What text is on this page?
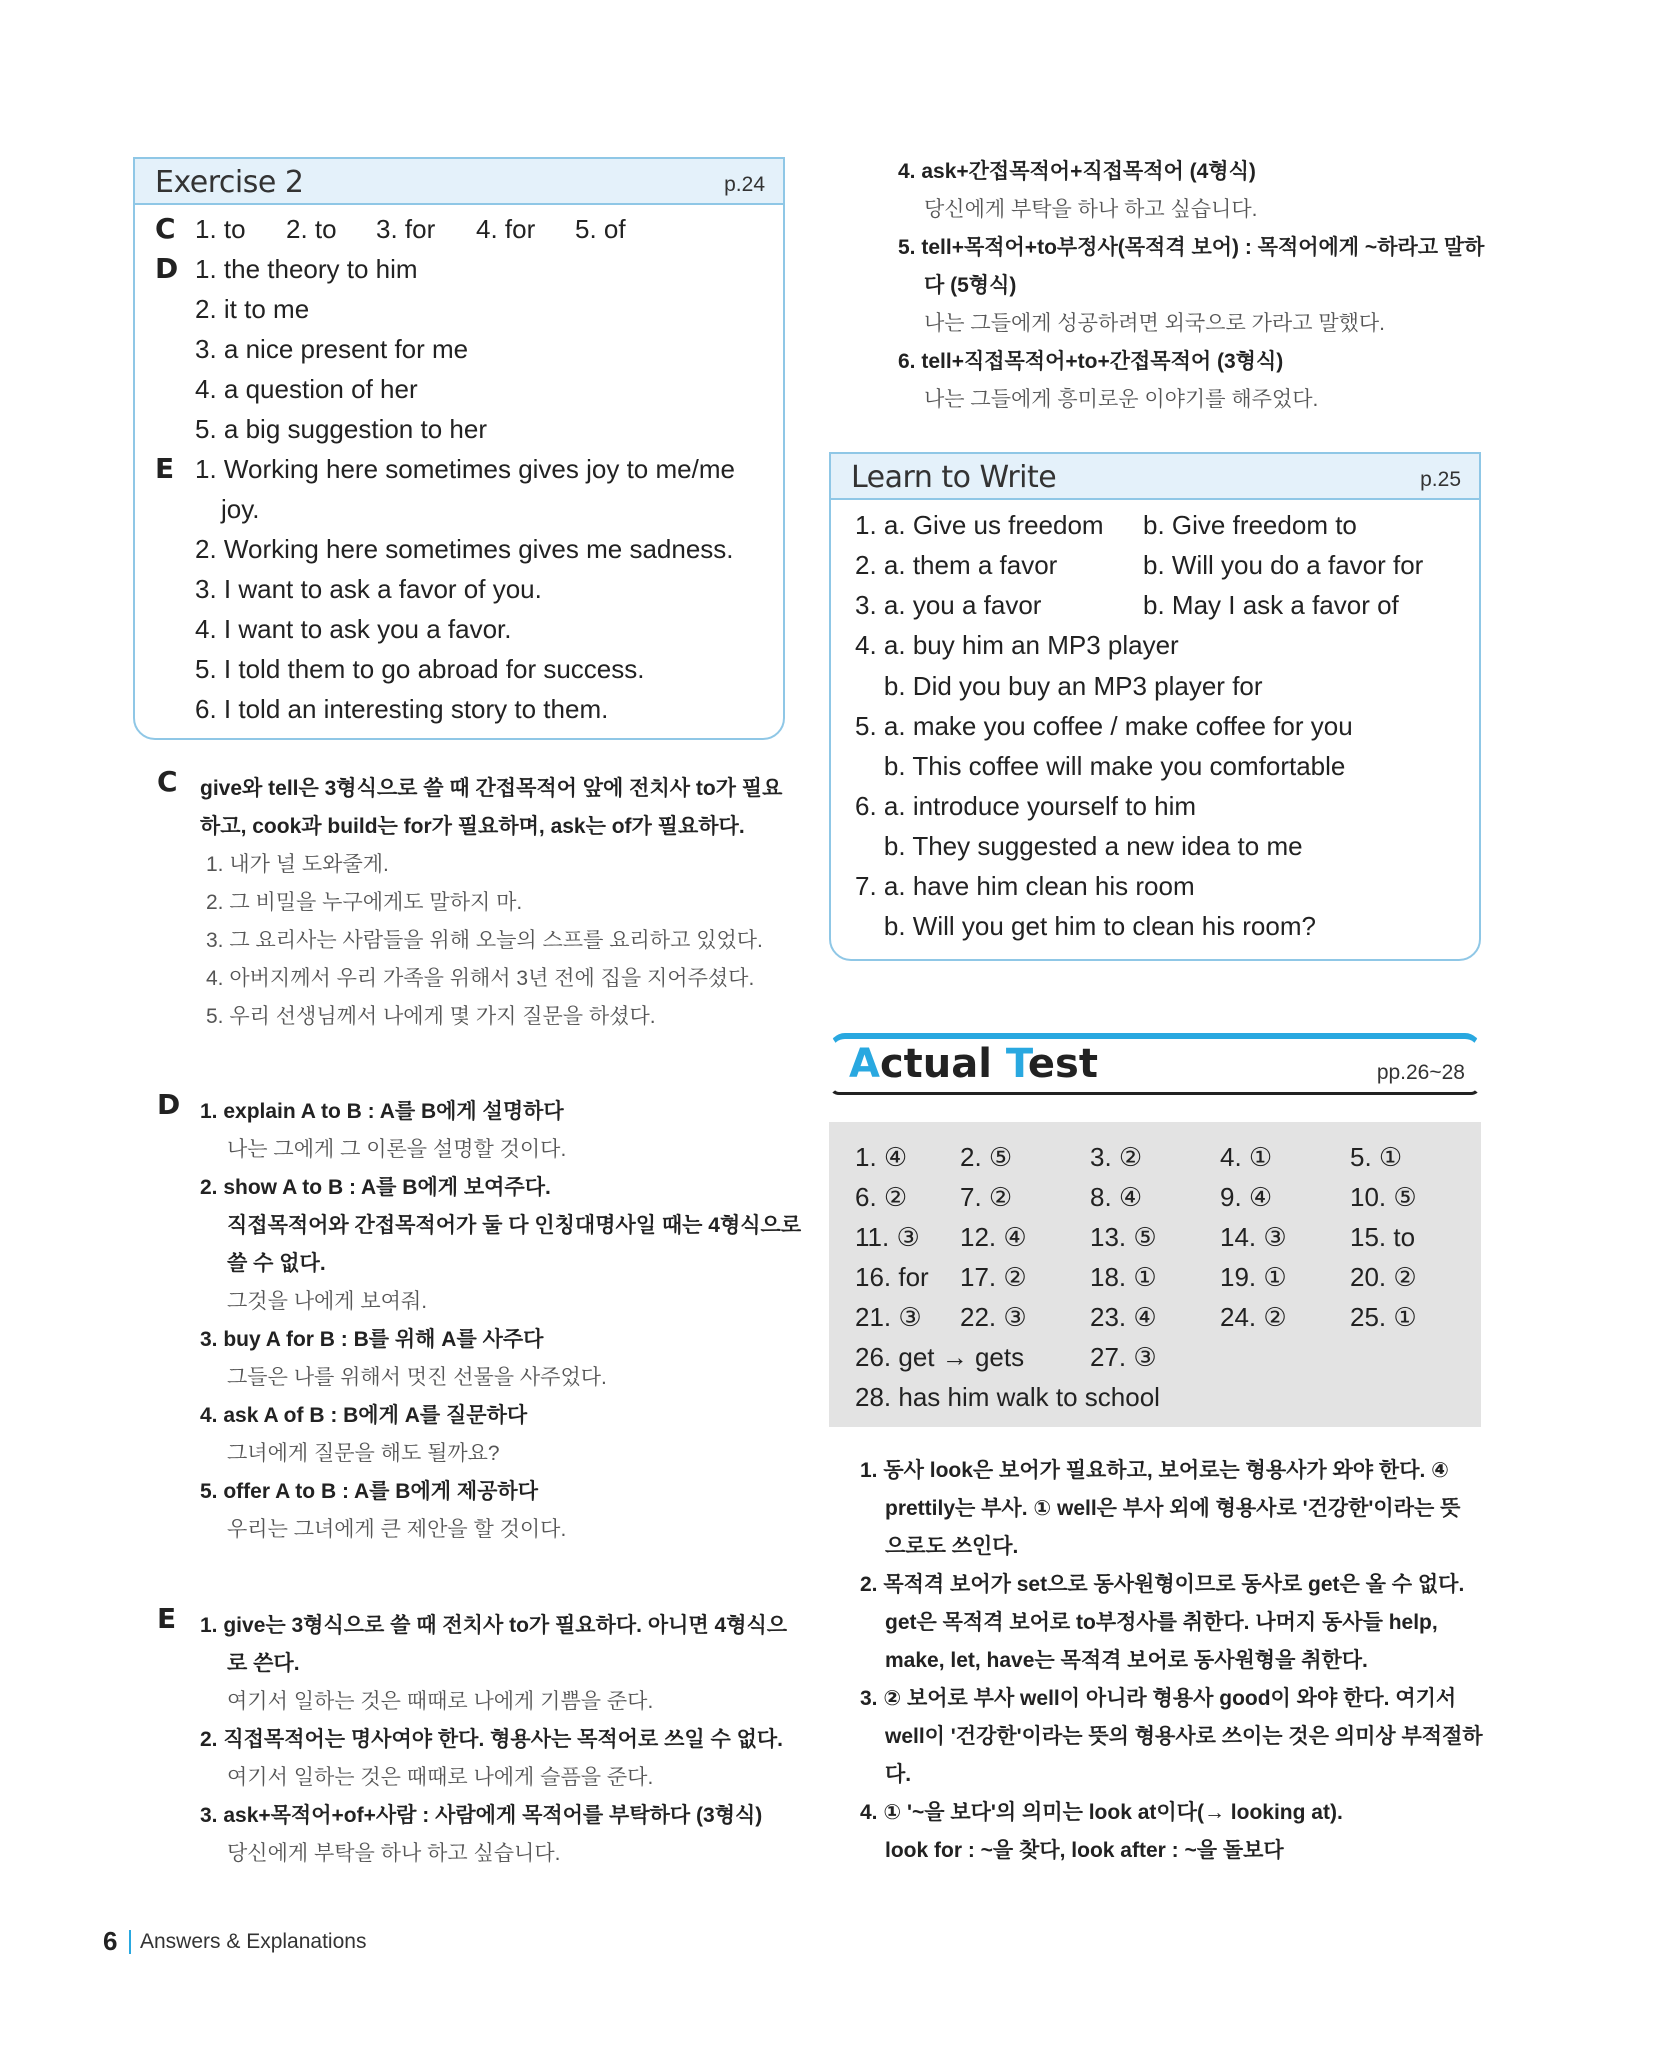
Exercise 2	p.24
C 1. to 2. to 3. for 4. for 5. of
D 1. the theory to him
2. it to me
3. a nice present for me
4. a question of her
5. a big suggestion to her
E 1. Working here sometimes gives joy to me/me
joy.
2. Working here sometimes gives me sadness.
3. I want to ask a favor of you.
4. I want to ask you a favor.
5. I told them to go abroad for success.
6. I told an interesting story to them.
C give와 tell은 3형식으로 쓸 때 간접목적어 앞에 전치사 to가 필요
하고, cook과 build는 for가 필요하며, ask는 of가 필요하다.
1. 내가 널 도와줄게.
2. 그 비밀을 누구에게도 말하지 마.
3. 그 요리사는 사람들을 위해 오늘의 스프를 요리하고 있었다.
4. 아버지께서 우리 가족을 위해서 3년 전에 집을 지어주셨다.
5. 우리 선생님께서 나에게 몇 가지 질문을 하셨다.
D 1. explain A to B : A를 B에게 설명하다
나는 그에게 그 이론을 설명할 것이다.
2. show A to B : A를 B에게 보여주다.
직접목적어와 간접목적어가 둘 다 인칭대명사일 때는 4형식으로
쓸 수 없다.
그것을 나에게 보여줘.
3. buy A for B : B를 위해 A를 사주다
그들은 나를 위해서 멋진 선물을 사주었다.
4. ask A of B : B에게 A를 질문하다
그녀에게 질문을 해도 될까요?
5. offer A to B : A를 B에게 제공하다
우리는 그녀에게 큰 제안을 할 것이다.
E 1. give는 3형식으로 쓸 때 전치사 to가 필요하다. 아니면 4형식으
로 쓴다.
여기서 일하는 것은 때때로 나에게 기쁨을 준다.
2. 직접목적어는 명사여야 한다. 형용사는 목적어로 쓰일 수 없다.
여기서 일하는 것은 때때로 나에게 슬픔을 준다.
3. ask+목적어+of+사람 : 사람에게 목적어를 부탁하다 (3형식)
당신에게 부탁을 하나 하고 싶습니다.
4. ask+간접목적어+직접목적어 (4형식)
당신에게 부탁을 하나 하고 싶습니다.
5. tell+목적어+to부정사(목적격 보어) : 목적어에게 ~하라고 말하
다 (5형식)
나는 그들에게 성공하려면 외국으로 가라고 말했다.
6. tell+직접목적어+to+간접목적어 (3형식)
나는 그들에게 흥미로운 이야기를 해주었다.
Learn to Write	p.25
1. a. Give us freedom b. Give freedom to
2. a. them a favor	b. Will you do a favor for
3. a. you a favor	b. May I ask a favor of
4. a. buy him an MP3 player
b. Did you buy an MP3 player for
5. a. make you coffee / make coffee for you
b. This coffee will make you comfortable
6. a. introduce yourself to him
b. They suggested a new idea to me
7. a. have him clean his room
b. Will you get him to clean his room?
Actual Test	pp.26~28
1. ④ 2. ⑤	3. ②	4. ①	5. ①
6. ② 7. ②	8. ④	9. ④	10. ⑤
11. ③ 12. ④ 13. ⑤ 14. ③ 15. to
16. for 17. ② 18. ① 19. ① 20. ②
21. ③ 22. ③ 23. ④ 24. ② 25. ①
26. get → gets	27. ③
28. has him walk to school
1. 동사 look은 보어가 필요하고, 보어로는 형용사가 와야 한다. ④
prettily는 부사. ① well은 부사 외에 형용사로 '건강한'이라는 뜻
으로도 쓰인다.
2. 목적격 보어가 set으로 동사원형이므로 동사로 get은 올 수 없다.
get은 목적격 보어로 to부정사를 취한다. 나머지 동사들 help,
make, let, have는 목적격 보어로 동사원형을 취한다.
3. ② 보어로 부사 well이 아니라 형용사 good이 와야 한다. 여기서
well이 '건강한'이라는 뜻의 형용사로 쓰이는 것은 의미상 부적절하
다.
4. ① '~을 보다'의 의미는 look at이다(→ looking at).
look for : ~을 찾다, look after : ~을 돌보다
6 Answers & Explanations
